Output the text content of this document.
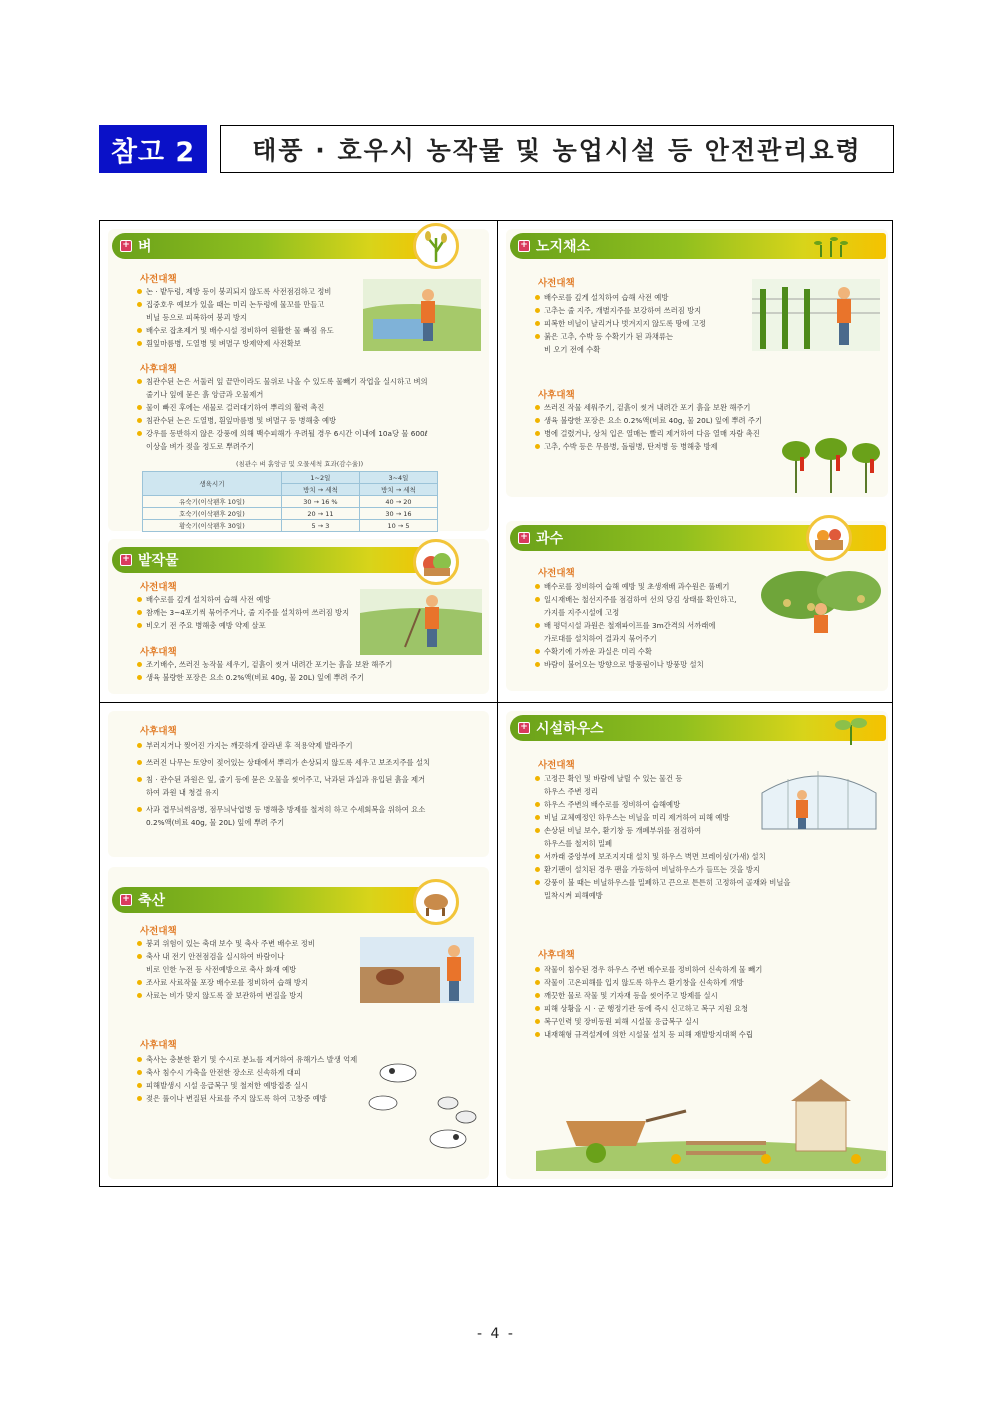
참고 2	태풍 · 호우시 농작물 및 농업시설 등 안전관리요령
+ 벼
사전대책
논 · 밭두렁, 제방 등이 붕괴되지 않도록 사전점검하고 정비
집중호우 예보가 있을 때는 미리 논두렁에 물꼬를 만들고
비닐 등으로 피복하여 붕괴 방지
배수로 잡초제거 및 배수시설 정비하여 원활한 물 빠짐 유도
흰잎마름병, 도열병 및 벼멸구 방제약제 사전확보
사후대책
침관수된 논은 서둘러 잎 끝만이라도 물위로 나올 수 있도록 물빼기 작업을 실시하고 벼의
줄기나 잎에 묻은 흙 앙금과 오물제거
물이 빠진 후에는 새물로 걸러대기하여 뿌리의 활력 촉진
침관수된 논은 도열병, 흰잎마름병 및 벼멸구 등 병해충 예방
강우를 동반하지 않은 강풍에 의해 백수피해가 우려될 경우 6시간 이내에 10a당 물 600ℓ
이상을 벼가 젖을 정도로 뿌려주기
(침관수 벼 흙앙금 및 오물세척 효과(감수율))
생육시기	1~2일	3~4일
	방치 → 세척	방치 → 세척
유숙기(이삭팬후 10일)	30 → 16 %	40 → 20
호숙기(이삭팬후 20일)	20 → 11	30 → 16
황숙기(이삭팬후 30일)	5 → 3	10 → 5
+ 밭작물
사전대책
배수로를 깊게 설치하여 습해 사전 예방
참깨는 3~4포기씩 묶어주거나, 줄 지주를 설치하여 쓰러짐 방지
비오기 전 주요 병해충 예방 약제 살포
사후대책
조기배수, 쓰러진 농작물 세우기, 겉흙이 씻겨 내려간 포기는 흙을 보완 해주기
생육 불량한 포장은 요소 0.2%액(비료 40g, 물 20L) 잎에 뿌려 주기
+ 노지채소
사전대책
배수로를 깊게 설치하여 습해 사전 예방
고추는 줄 지주, 개별지주를 보강하여 쓰러짐 방지
피복한 비닐이 날리거나 벗겨지지 않도록 땅에 고정
붉은 고추, 수박 등 수확기가 된 과채류는
비 오기 전에 수확
사후대책
쓰러진 작물 세워주기, 겉흙이 씻겨 내려간 포기 흙을 보완 해주기
생육 불량한 포장은 요소 0.2%액(비료 40g, 물 20L) 잎에 뿌려 주기
병에 걸렸거나, 상처 입은 열매는 빨리 제거하여 다음 열매 자람 촉진
고추, 수박 등은 무름병, 돌림병, 탄저병 등 병해충 방제
+ 과수
사전대책
배수로를 정비하여 습해 예방 및 초생재배 과수원은 풀베기
일시재배는 철선지주를 점검하여 선의 당김 상태를 확인하고,
가지를 지주시설에 고정
배 평덕시설 과원은 철재파이프를 3m간격의 서까래에
가로대를 설치하여 결과지 묶어주기
수확기에 가까운 과실은 미리 수확
바람이 불어오는 방향으로 방풍림이나 방풍망 설치
사후대책
부러지거나 찢어진 가지는 깨끗하게 잘라낸 후 적용약제 발라주기
쓰러진 나무는 토양이 젖어있는 상태에서 뿌리가 손상되지 않도록 세우고 보조지주를 설치
침 · 관수된 과원은 잎, 줄기 등에 묻은 오물을 씻어주고, 낙과된 과실과 유입된 흙을 제거
하여 과원 내 청결 유지
사과 겹무늬썩음병, 점무늬낙엽병 등 병해충 방제를 철저히 하고 수세회복을 위하여 요소
0.2%액(비료 40g, 물 20L) 잎에 뿌려 주기
+ 축산
사전대책
붕괴 위험이 있는 축대 보수 및 축사 주변 배수로 정비
축사 내 전기 안전점검을 실시하여 바람이나
비로 인한 누전 등 사전예방으로 축사 화재 예방
조사료 사료작물 포장 배수로를 정비하여 습해 방지
사료는 비가 맞지 않도록 잘 보관하여 변질을 방지
사후대책
축사는 충분한 환기 및 수시로 분뇨를 제거하여 유해가스 발생 억제
축사 침수시 가축을 안전한 장소로 신속하게 대피
피해발생시 시설 응급복구 및 철저한 예방접종 실시
젖은 풀이나 변질된 사료를 주지 않도록 하여 고창증 예방
+ 시설하우스
사전대책
고정끈 확인 및 바람에 날릴 수 있는 물건 등
하우스 주변 정리
하우스 주변의 배수로를 정비하여 습해예방
비닐 교체예정인 하우스는 비닐을 미리 제거하여 피해 예방
손상된 비닐 보수, 환기창 등 개폐부위를 점검하여
하우스를 철저히 밀폐
서까래 중앙부에 보조지지대 설치 및 하우스 벽면 브레이싱(가새) 설치
환기팬이 설치된 경우 팬을 가동하여 비닐하우스가 들뜨는 것을 방지
강풍이 불 때는 비닐하우스를 밀폐하고 끈으로 튼튼히 고정하여 골재와 비닐을
밀착시켜 피해예방
사후대책
작물이 침수된 경우 하우스 주변 배수로를 정비하여 신속하게 물 빼기
작물이 고온피해를 입지 않도록 하우스 환기창을 신속하게 개방
깨끗한 물로 작물 및 기자재 등을 씻어주고 방제를 실시
피해 상황을 시 · 군 행정기관 등에 즉시 신고하고 복구 지원 요청
복구인력 및 장비동원 피해 시설물 응급복구 실시
내재해형 규격설계에 의한 시설물 설치 등 피해 재발방지대책 수립
- 4 -
